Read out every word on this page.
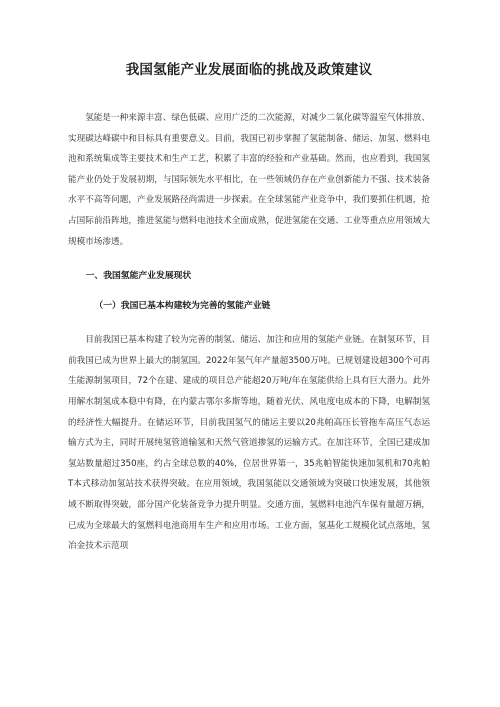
我国氢能产业发展面临的挑战及政策建议

氢能是一种来源丰富、绿色低碳、应用广泛的二次能源，对减少二氧化碳等温室气体排放、实现碳达峰碳中和目标具有重要意义。目前，我国已初步掌握了氢能制备、储运、加氢、燃料电池和系统集成等主要技术和生产工艺，积累了丰富的经验和产业基础。然而，也应看到，我国氢能产业仍处于发展初期，与国际领先水平相比，在一些领域仍存在产业创新能力不强、技术装备水平不高等问题，产业发展路径尚需进一步探索。在全球氢能产业竞争中，我们要抓住机遇，抢占国际前沿阵地，推进氢能与燃料电池技术全面成熟，促进氢能在交通、工业等重点应用领域大规模市场渗透。

一、我国氢能产业发展现状
（一）我国已基本构建较为完善的氢能产业链

目前我国已基本构建了较为完善的制氢、储运、加注和应用的氢能产业链。在制氢环节，目前我国已成为世界上最大的制氢国。2022年氢气年产量超3500万吨。已规划建设超300个可再生能源制氢项目，72个在建、建成的项目总产能超20万吨/年在氢能供给上具有巨大潜力。此外用解水制氢成本稳中有降，在内蒙古鄂尔多斯等地，随着光伏、风电度电成本的下降，电解制氢的经济性大幅提升。在储运环节，目前我国氢气的储运主要以20兆帕高压长管拖车高压气态运输方式为主，同时开展纯氢管道输氢和天然气管道掺氢的运输方式。在加注环节，全国已建成加氢站数量超过350座，约占全球总数的40%，位居世界第一，35兆帕智能快速加氢机和70兆帕T本式移动加氢站技术获得突破。在应用领域，我国氢能以交通领域为突破口快速发展，其他领域不断取得突破，部分国产化装备竞争力提升明显。交通方面，氢燃料电池汽车保有量超万辆，已成为全球最大的氢燃料电池商用车生产和应用市场。工业方面，氢基化工规模化试点落地，氢冶金技术示范项
